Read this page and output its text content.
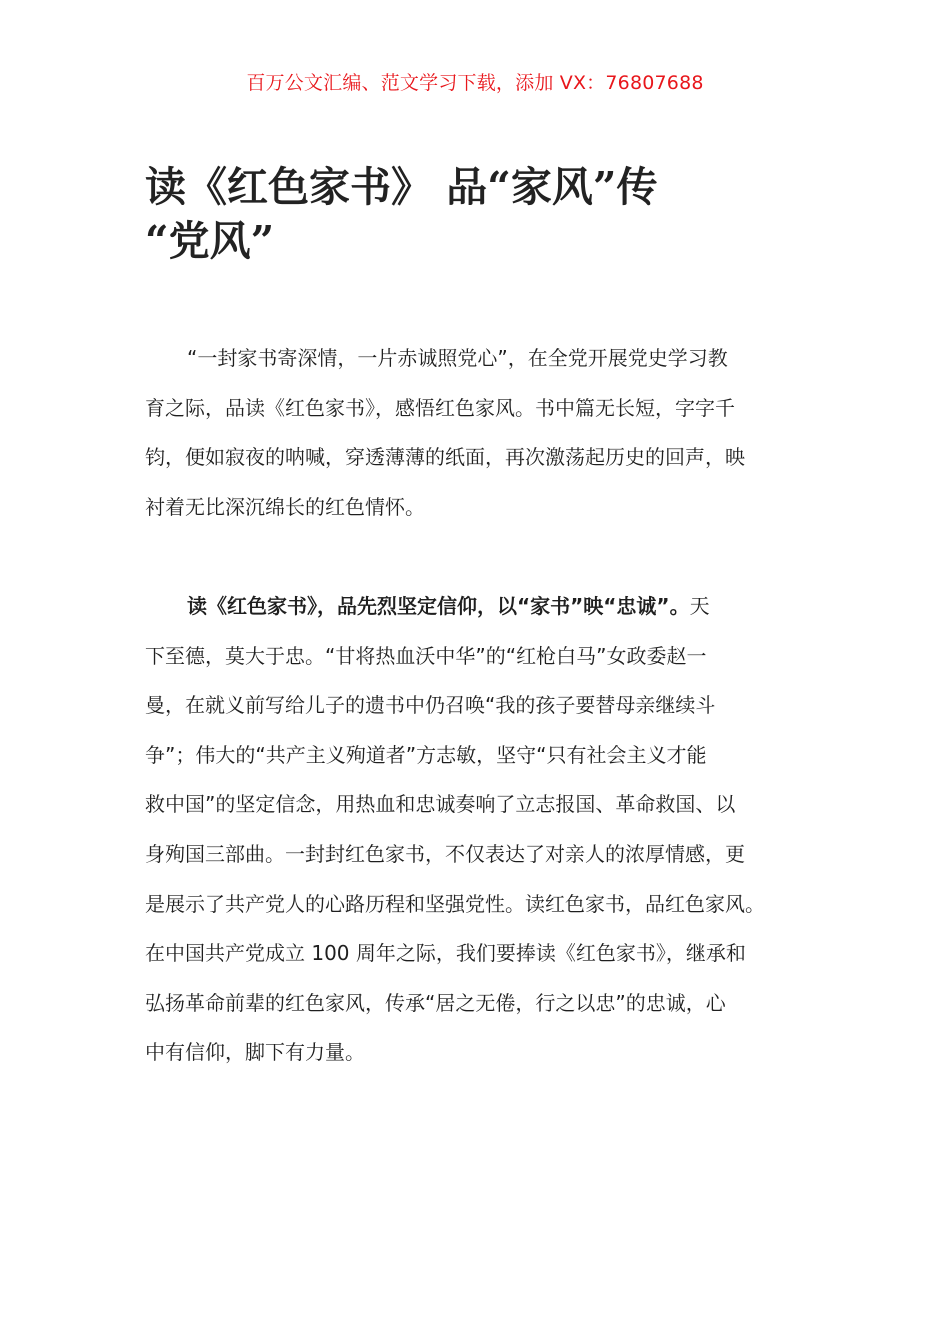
百万公文汇编、范文学习下载，添加 VX：76807688
读《红色家书》 品“家风”传
“党风”
“一封家书寄深情，一片赤诚照党心”，在全党开展党史学习教
育之际，品读《红色家书》，感悟红色家风。书中篇无长短，字字千
钧，便如寂夜的呐喊，穿透薄薄的纸面，再次激荡起历史的回声，映
衬着无比深沉绵长的红色情怀。
读《红色家书》，品先烈坚定信仰，以“家书”映“忠诚”。天
下至德，莫大于忠。“甘将热血沃中华”的“红枪白马”女政委赵一
曼，在就义前写给儿子的遗书中仍召唤“我的孩子要替母亲继续斗
争”；伟大的“共产主义殉道者”方志敏，坚守“只有社会主义才能
救中国”的坚定信念，用热血和忠诚奏响了立志报国、革命救国、以
身殉国三部曲。一封封红色家书，不仅表达了对亲人的浓厚情感，更
是展示了共产党人的心路历程和坚强党性。读红色家书，品红色家风。
在中国共产党成立 100 周年之际，我们要捧读《红色家书》，继承和
弘扬革命前辈的红色家风，传承“居之无倦，行之以忠”的忠诚，心
中有信仰，脚下有力量。
